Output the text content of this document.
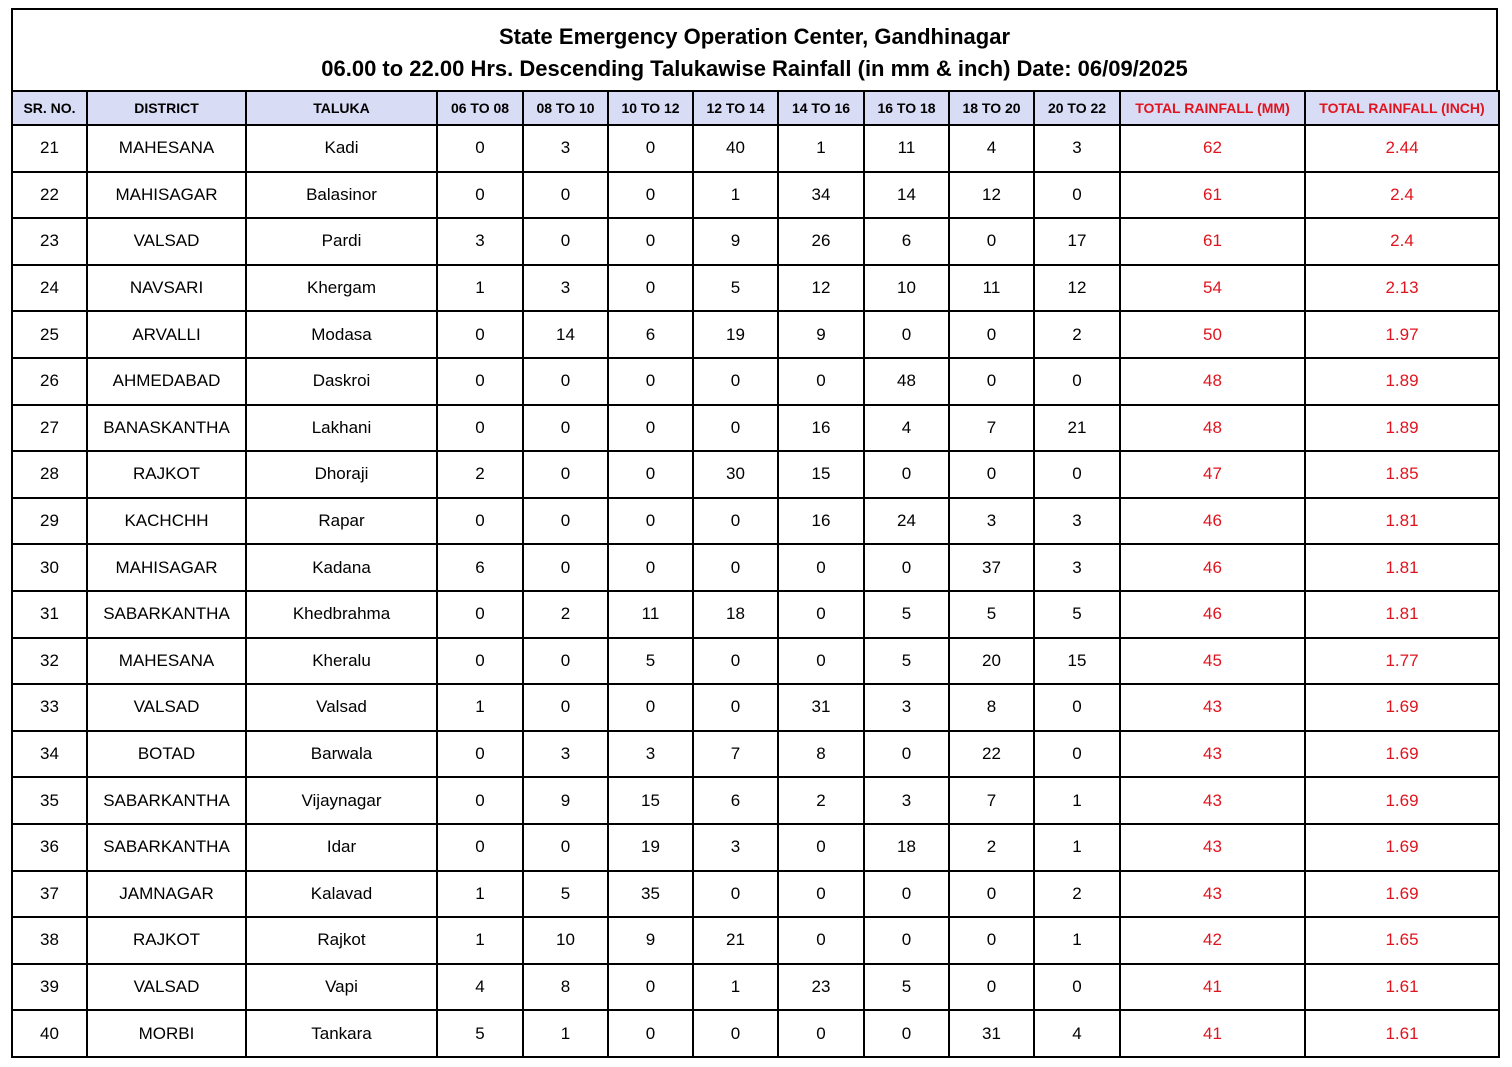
State Emergency Operation Center, Gandhinagar
06.00 to 22.00 Hrs. Descending Talukawise Rainfall (in mm & inch) Date: 06/09/2025
SR. NO.	DISTRICT	TALUKA	06 TO 08	08 TO 10	10 TO 12	12 TO 14	14 TO 16	16 TO 18	18 TO 20	20 TO 22	TOTAL RAINFALL (MM)	TOTAL RAINFALL (INCH)
21	MAHESANA	Kadi	0	3	0	40	1	11	4	3	62	2.44
22	MAHISAGAR	Balasinor	0	0	0	1	34	14	12	0	61	2.4
23	VALSAD	Pardi	3	0	0	9	26	6	0	17	61	2.4
24	NAVSARI	Khergam	1	3	0	5	12	10	11	12	54	2.13
25	ARVALLI	Modasa	0	14	6	19	9	0	0	2	50	1.97
26	AHMEDABAD	Daskroi	0	0	0	0	0	48	0	0	48	1.89
27	BANASKANTHA	Lakhani	0	0	0	0	16	4	7	21	48	1.89
28	RAJKOT	Dhoraji	2	0	0	30	15	0	0	0	47	1.85
29	KACHCHH	Rapar	0	0	0	0	16	24	3	3	46	1.81
30	MAHISAGAR	Kadana	6	0	0	0	0	0	37	3	46	1.81
31	SABARKANTHA	Khedbrahma	0	2	11	18	0	5	5	5	46	1.81
32	MAHESANA	Kheralu	0	0	5	0	0	5	20	15	45	1.77
33	VALSAD	Valsad	1	0	0	0	31	3	8	0	43	1.69
34	BOTAD	Barwala	0	3	3	7	8	0	22	0	43	1.69
35	SABARKANTHA	Vijaynagar	0	9	15	6	2	3	7	1	43	1.69
36	SABARKANTHA	Idar	0	0	19	3	0	18	2	1	43	1.69
37	JAMNAGAR	Kalavad	1	5	35	0	0	0	0	2	43	1.69
38	RAJKOT	Rajkot	1	10	9	21	0	0	0	1	42	1.65
39	VALSAD	Vapi	4	8	0	1	23	5	0	0	41	1.61
40	MORBI	Tankara	5	1	0	0	0	0	31	4	41	1.61
